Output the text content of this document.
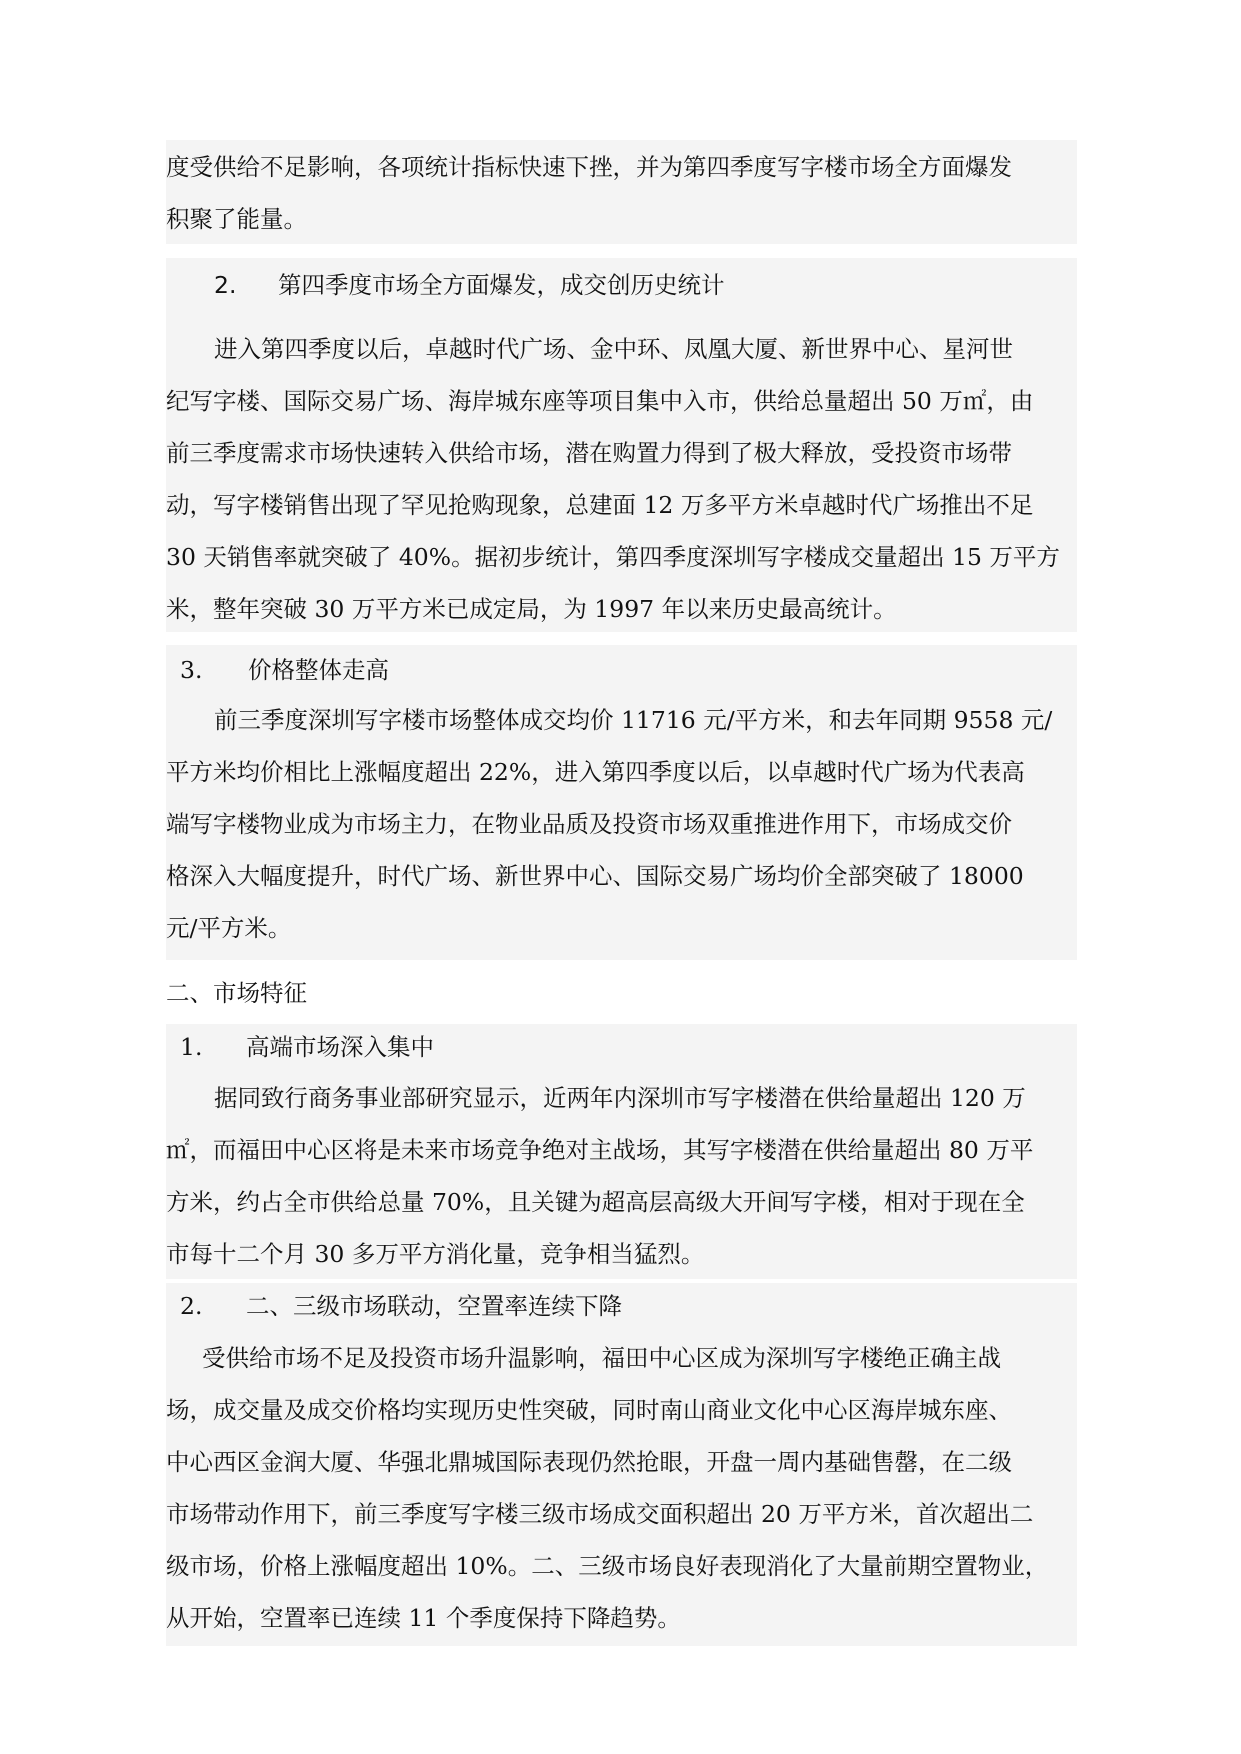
度受供给不足影响，各项统计指标快速下挫，并为第四季度写字楼市场全方面爆发
积聚了能量。
2. 第四季度市场全方面爆发，成交创历史统计
进入第四季度以后，卓越时代广场、金中环、凤凰大厦、新世界中心、星河世
纪写字楼、国际交易广场、海岸城东座等项目集中入市，供给总量超出 50 万㎡，由
前三季度需求市场快速转入供给市场，潜在购置力得到了极大释放，受投资市场带
动，写字楼销售出现了罕见抢购现象，总建面 12 万多平方米卓越时代广场推出不足
30 天销售率就突破了 40%。据初步统计，第四季度深圳写字楼成交量超出 15 万平方
米，整年突破 30 万平方米已成定局，为 1997 年以来历史最高统计。
3. 价格整体走高
前三季度深圳写字楼市场整体成交均价 11716 元/平方米，和去年同期 9558 元/
平方米均价相比上涨幅度超出 22%，进入第四季度以后，以卓越时代广场为代表高
端写字楼物业成为市场主力，在物业品质及投资市场双重推进作用下，市场成交价
格深入大幅度提升，时代广场、新世界中心、国际交易广场均价全部突破了 18000
元/平方米。
二、市场特征
1. 高端市场深入集中
据同致行商务事业部研究显示，近两年内深圳市写字楼潜在供给量超出 120 万
㎡，而福田中心区将是未来市场竞争绝对主战场，其写字楼潜在供给量超出 80 万平
方米，约占全市供给总量 70%，且关键为超高层高级大开间写字楼，相对于现在全
市每十二个月 30 多万平方消化量，竞争相当猛烈。
2. 二、三级市场联动，空置率连续下降
受供给市场不足及投资市场升温影响，福田中心区成为深圳写字楼绝正确主战
场，成交量及成交价格均实现历史性突破，同时南山商业文化中心区海岸城东座、
中心西区金润大厦、华强北鼎城国际表现仍然抢眼，开盘一周内基础售罄，在二级
市场带动作用下，前三季度写字楼三级市场成交面积超出 20 万平方米，首次超出二
级市场，价格上涨幅度超出 10%。二、三级市场良好表现消化了大量前期空置物业，
从开始，空置率已连续 11 个季度保持下降趋势。
